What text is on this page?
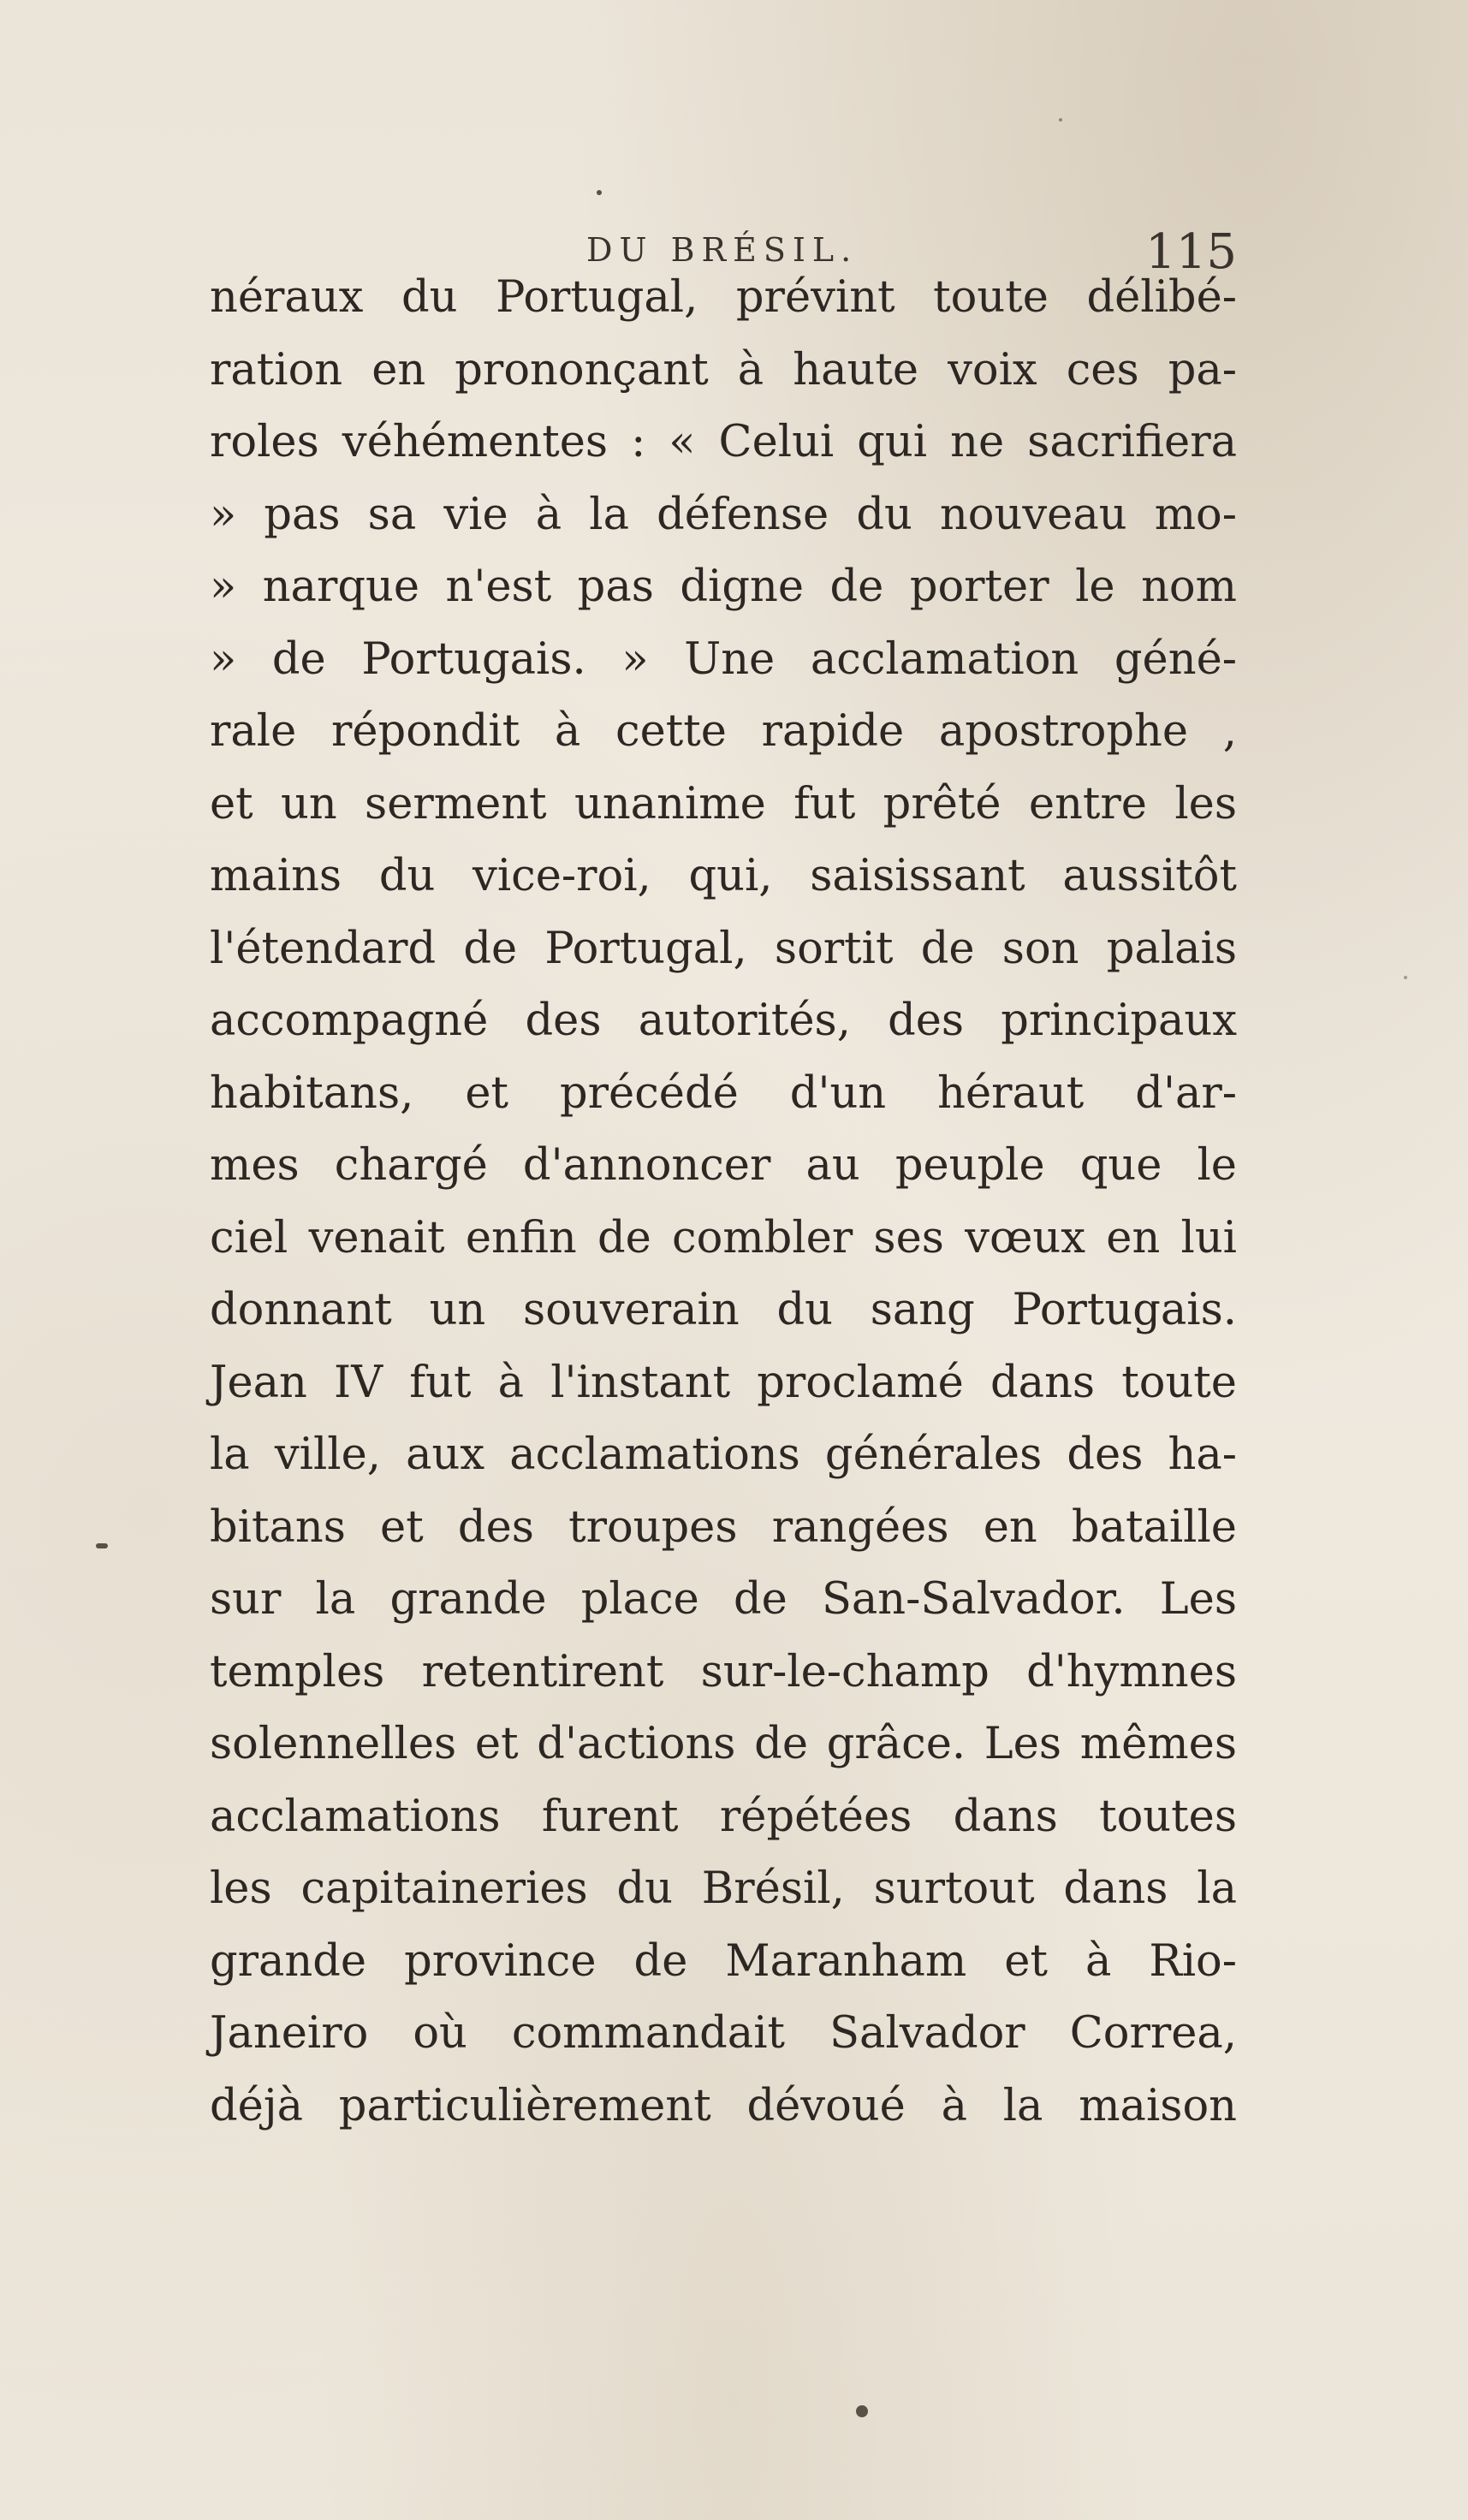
DU BRÉSIL.	115
néraux du Portugal, prévint toute délibé-
ration en prononçant à haute voix ces pa-
roles véhémentes : « Celui qui ne sacrifiera
» pas sa vie à la défense du nouveau mo-
» narque n'est pas digne de porter le nom
» de Portugais. » Une acclamation géné-
rale répondit à cette rapide apostrophe ,
et un serment unanime fut prêté entre les
mains du vice-roi, qui, saisissant aussitôt
l'étendard de Portugal, sortit de son palais
accompagné des autorités, des principaux
habitans, et précédé d'un héraut d'ar-
mes chargé d'annoncer au peuple que le
ciel venait enfin de combler ses vœux en lui
donnant un souverain du sang Portugais.
Jean IV fut à l'instant proclamé dans toute
la ville, aux acclamations générales des ha-
bitans et des troupes rangées en bataille
sur la grande place de San-Salvador. Les
temples retentirent sur-le-champ d'hymnes
solennelles et d'actions de grâce. Les mêmes
acclamations furent répétées dans toutes
les capitaineries du Brésil, surtout dans la
grande province de Maranham et à Rio-
Janeiro où commandait Salvador Correa,
déjà particulièrement dévoué à la maison
